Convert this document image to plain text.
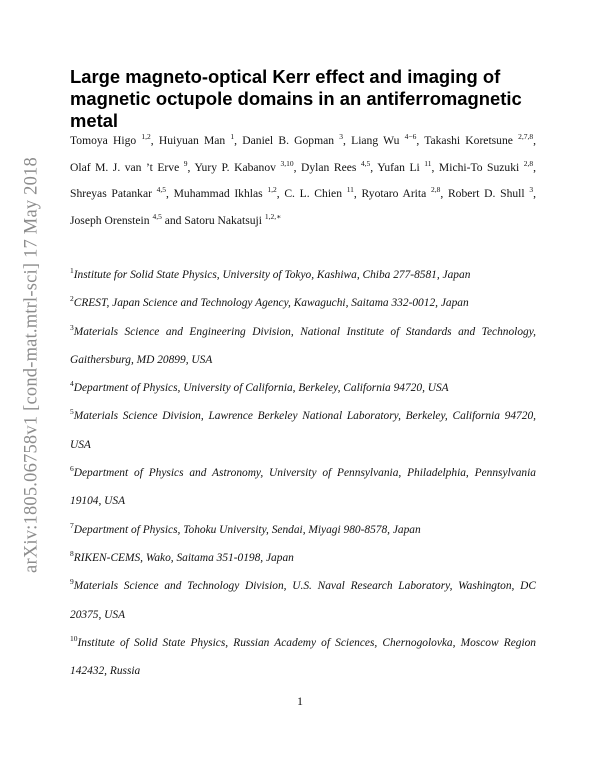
arXiv:1805.06758v1 [cond-mat.mtrl-sci] 17 May 2018
Large magneto-optical Kerr effect and imaging of magnetic octupole domains in an antiferromagnetic metal
Tomoya Higo $^{1,2}$, Huiyuan Man $^1$, Daniel B. Gopman $^3$, Liang Wu $^{4-6}$, Takashi Koretsune $^{2,7,8}$, Olaf M. J. van ’t Erve $^9$, Yury P. Kabanov $^{3,10}$, Dylan Rees $^{4,5}$, Yufan Li $^{11}$, Michi-To Suzuki $^{2,8}$, Shreyas Patankar $^{4,5}$, Muhammad Ikhlas $^{1,2}$, C. L. Chien $^{11}$, Ryotaro Arita $^{2,8}$, Robert D. Shull $^3$, Joseph Orenstein $^{4,5}$ and Satoru Nakatsuji $^{1,2,∗}$
$^1$Institute for Solid State Physics, University of Tokyo, Kashiwa, Chiba 277-8581, Japan
$^2$CREST, Japan Science and Technology Agency, Kawaguchi, Saitama 332-0012, Japan
$^3$Materials Science and Engineering Division, National Institute of Standards and Technology, Gaithersburg, MD 20899, USA
$^4$Department of Physics, University of California, Berkeley, California 94720, USA
$^5$Materials Science Division, Lawrence Berkeley National Laboratory, Berkeley, California 94720, USA
$^6$Department of Physics and Astronomy, University of Pennsylvania, Philadelphia, Pennsylvania 19104, USA
$^7$Department of Physics, Tohoku University, Sendai, Miyagi 980-8578, Japan
$^8$RIKEN-CEMS, Wako, Saitama 351-0198, Japan
$^9$Materials Science and Technology Division, U.S. Naval Research Laboratory, Washington, DC 20375, USA
$^{10}$Institute of Solid State Physics, Russian Academy of Sciences, Chernogolovka, Moscow Region 142432, Russia
1
